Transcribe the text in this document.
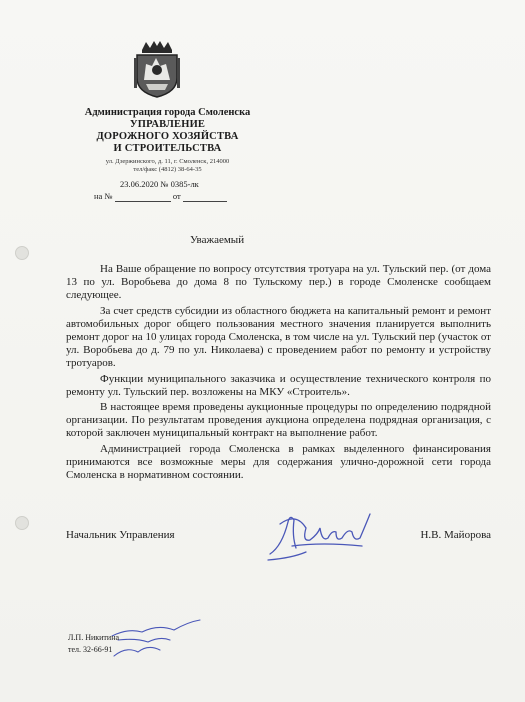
Администрация города Смоленска
УПРАВЛЕНИЕ
ДОРОЖНОГО ХОЗЯЙСТВА
И СТРОИТЕЛЬСТВА
ул. Дзержинского, д. 11, г. Смоленск, 214000
тел/факс (4812) 38-64-35
23.06.2020 № 0385-лк
на №	от
Уважаемый

На Ваше обращение по вопросу отсутствия тротуара на ул. Тульский пер. (от дома 13 по ул. Воробьева до дома 8 по Тульскому пер.) в городе Смоленске сообщаем следующее.

За счет средств субсидии из областного бюджета на капитальный ремонт и ремонт автомобильных дорог общего пользования местного значения планируется выполнить ремонт дорог на 10 улицах города Смоленска, в том числе на ул. Тульский пер (участок от ул. Воробьева до д. 79 по ул. Николаева) с проведением работ по ремонту и устройству тротуаров.

Функции муниципального заказчика и осуществление технического контроля по ремонту ул. Тульский пер. возложены на МКУ «Строитель».

В настоящее время проведены аукционные процедуры по определению подрядной организации. По результатам проведения аукциона определена подрядная организация, с которой заключен муниципальный контракт на выполнение работ.

Администрацией города Смоленска в рамках выделенного финансирования принимаются все возможные меры для содержания улично-дорожной сети города Смоленска в нормативном состоянии.

Начальник Управления	Н.В. Майорова
Л.П. Никитина
тел. 32-66-91
